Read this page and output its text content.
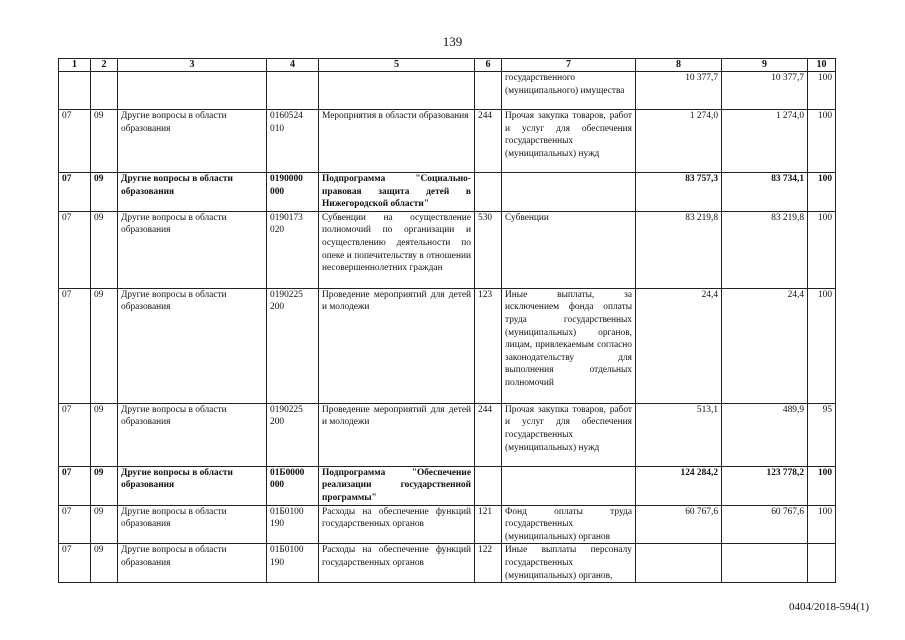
139
1	2	3	4	5	6	7	8	9	10
						государственного (муниципального) имущества	10 377,7	10 377,7	100
07	09	Другие вопросы в области образования	0160524 010	Мероприятия в области образования	244	Прочая закупка товаров, работ и услуг для обеспечения государственных (муниципальных) нужд	1 274,0	1 274,0	100
07	09	Другие вопросы в области образования	0190000 000	Подпрограмма "Социально-правовая защита детей в Нижегородской области"			83 757,3	83 734,1	100
07	09	Другие вопросы в области образования	0190173 020	Субвенции на осуществление полномочий по организации и осуществлению деятельности по опеке и попечительству в отношении несовершеннолетних граждан	530	Субвенции	83 219,8	83 219,8	100
07	09	Другие вопросы в области образования	0190225 200	Проведение мероприятий для детей и молодежи	123	Иные выплаты, за исключением фонда оплаты труда государственных (муниципальных) органов, лицам, привлекаемым согласно законодательству для выполнения отдельных полномочий	24,4	24,4	100
07	09	Другие вопросы в области образования	0190225 200	Проведение мероприятий для детей и молодежи	244	Прочая закупка товаров, работ и услуг для обеспечения государственных (муниципальных) нужд	513,1	489,9	95
07	09	Другие вопросы в области образования	01Б0000 000	Подпрограмма "Обеспечение реализации государственной программы"			124 284,2	123 778,2	100
07	09	Другие вопросы в области образования	01Б0100 190	Расходы на обеспечение функций государственных органов	121	Фонд оплаты труда государственных (муниципальных) органов	60 767,6	60 767,6	100
07	09	Другие вопросы в области образования	01Б0100 190	Расходы на обеспечение функций государственных органов	122	Иные выплаты персоналу государственных (муниципальных) органов,			
0404/2018-594(1)
